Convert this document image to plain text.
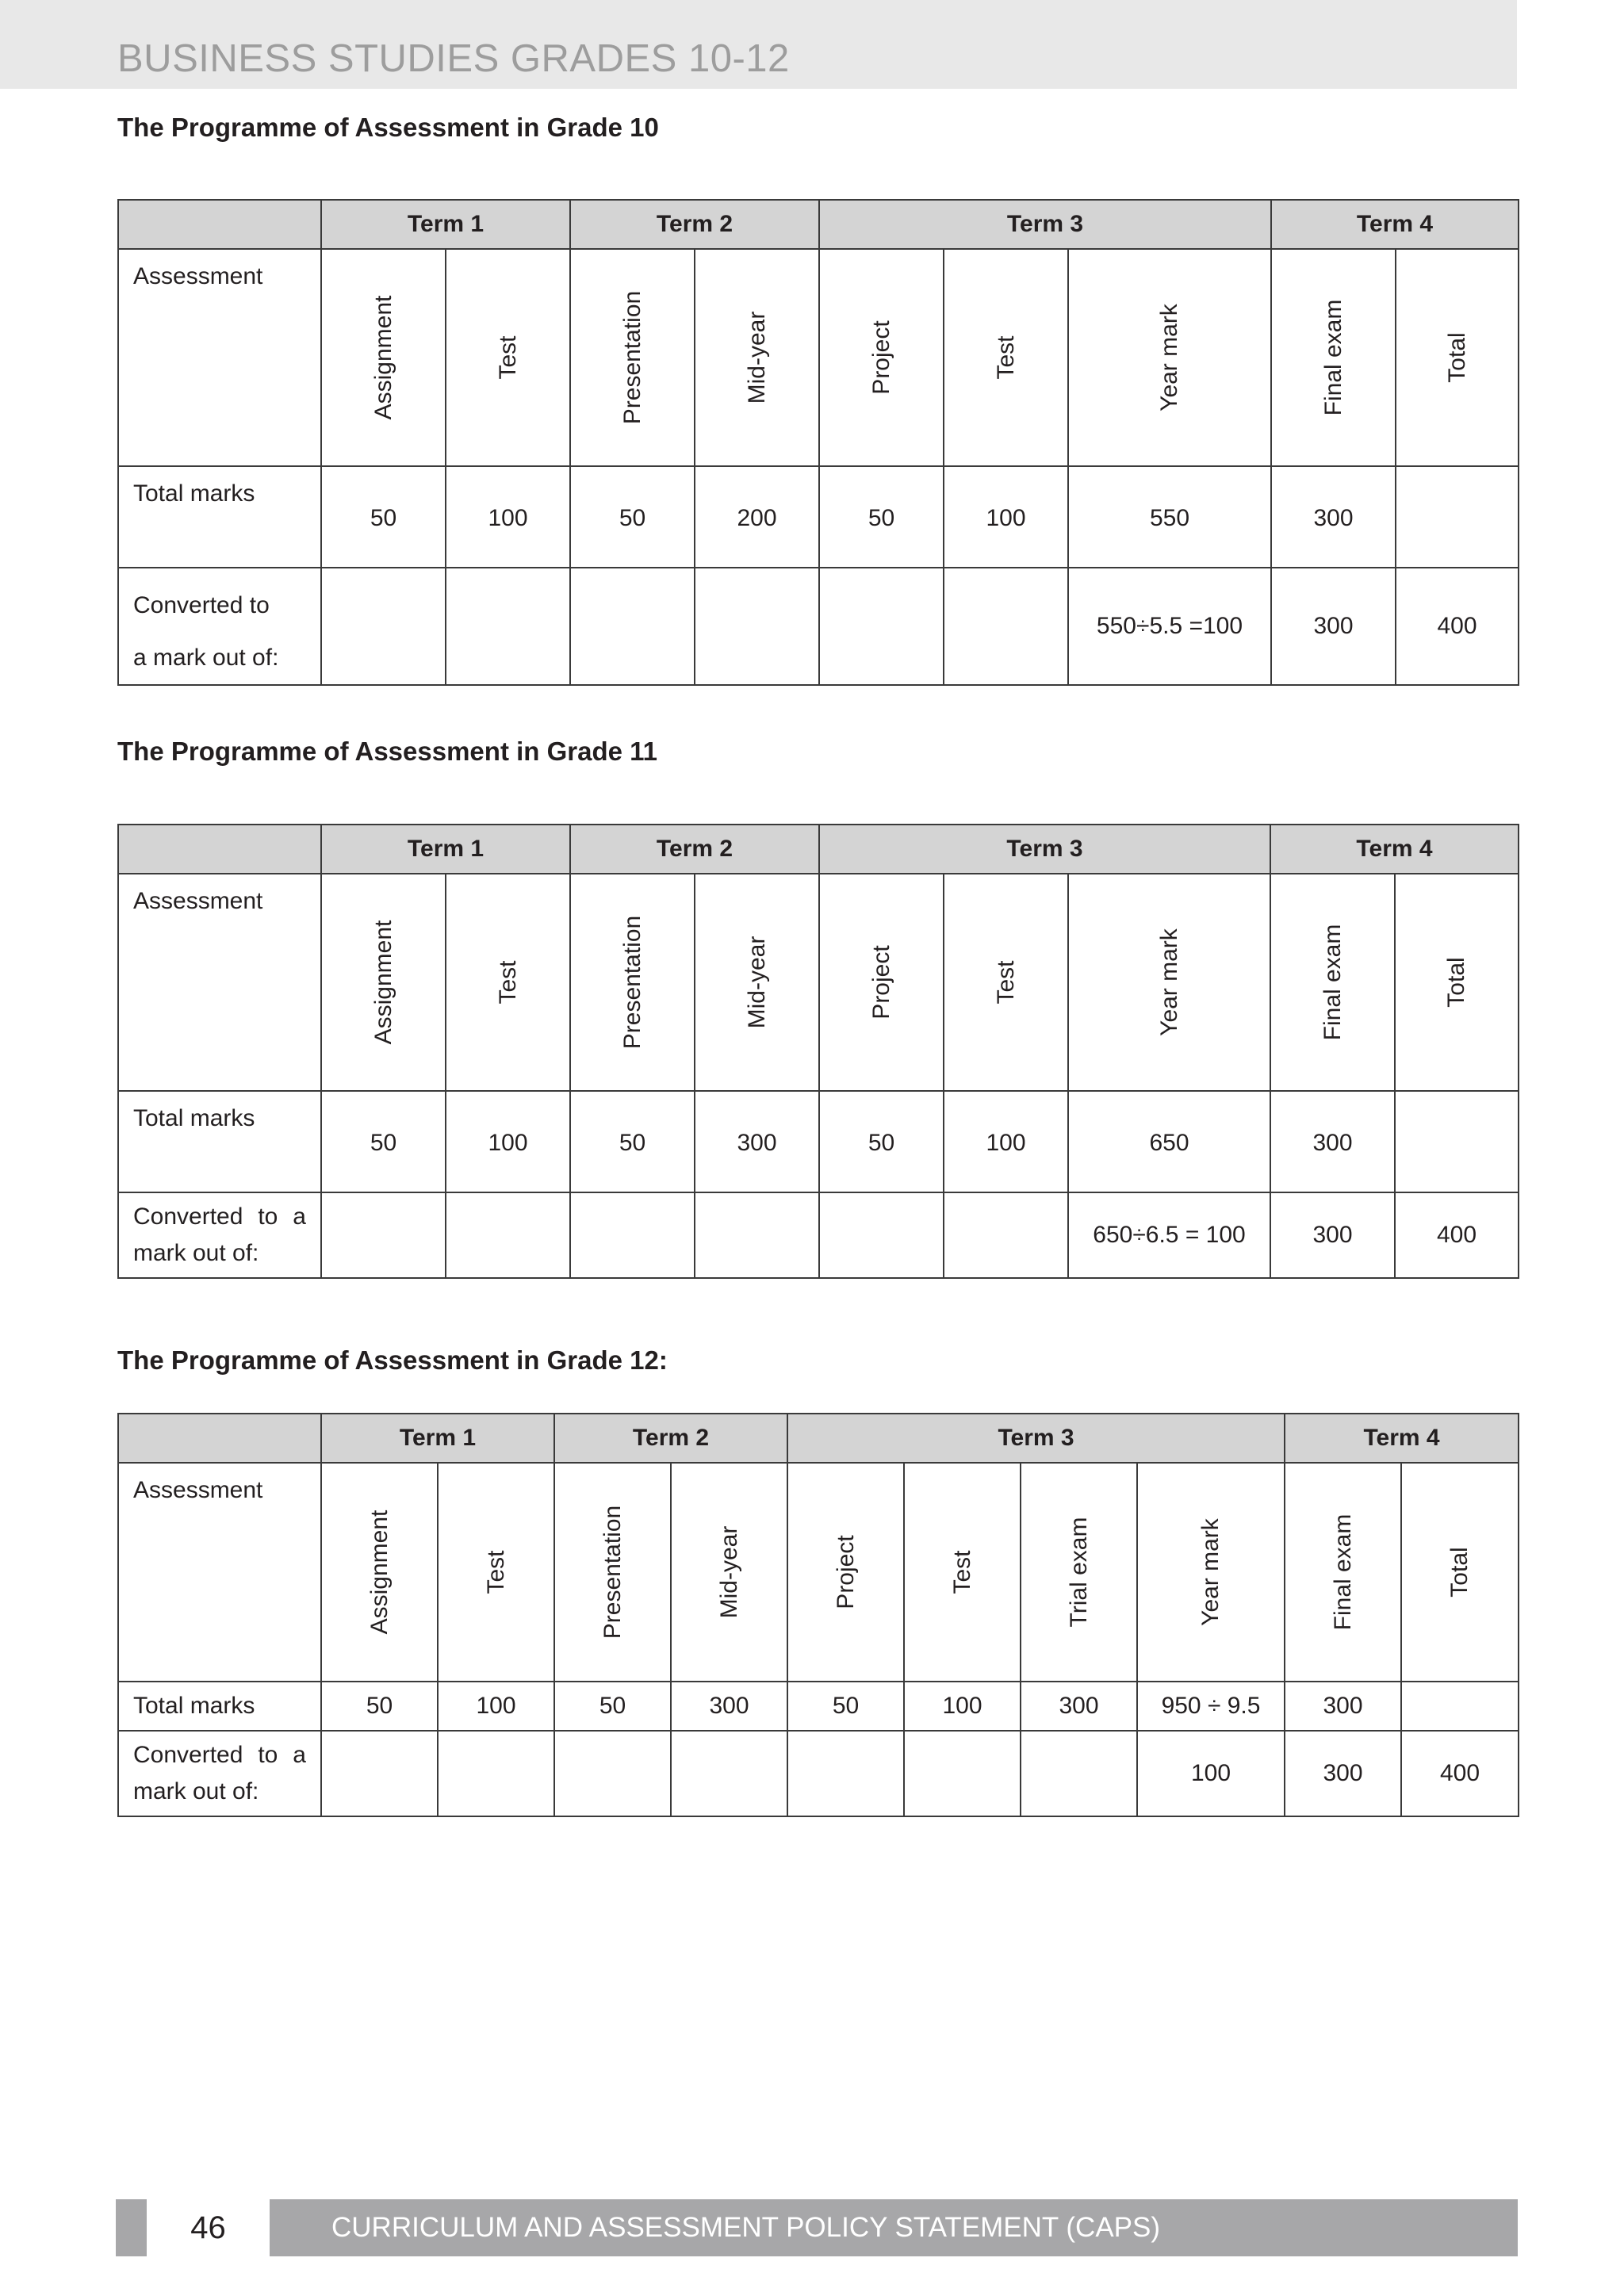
BUSINESS STUDIES GRADES 10-12
The Programme of Assessment in Grade 10
	Term 1		Term 2		Term 3			Term 4	
Assessment	Assignment	Test	Presentation	Mid-year	Project	Test	Year mark	Final exam	Total

Total marks	50	100	50	200	50	100	550	300	

Converted to
a mark out of:							550÷5.5 =100	300	400
The Programme of Assessment in Grade 11
	Term 1		Term 2		Term 3			Term 4	
Assessment	Assignment	Test	Presentation	Mid-year	Project	Test	Year mark	Final exam	Total

Total marks	50	100	50	300	50	100	650	300	

Converted to a
mark out of:							650÷6.5 = 100	300	400
The Programme of Assessment in Grade 12:
	Term 1		Term 2		Term 3				Term 4	
Assessment	Assignment	Test	Presentation	Mid-year	Project	Test	Trial exam	Year mark	Final exam	Total

Total marks	50	100	50	300	50	100	300	950 ÷ 9.5	300	

Converted to a
mark out of:								100	300	400
46	CURRICULUM AND ASSESSMENT POLICY STATEMENT (CAPS)
